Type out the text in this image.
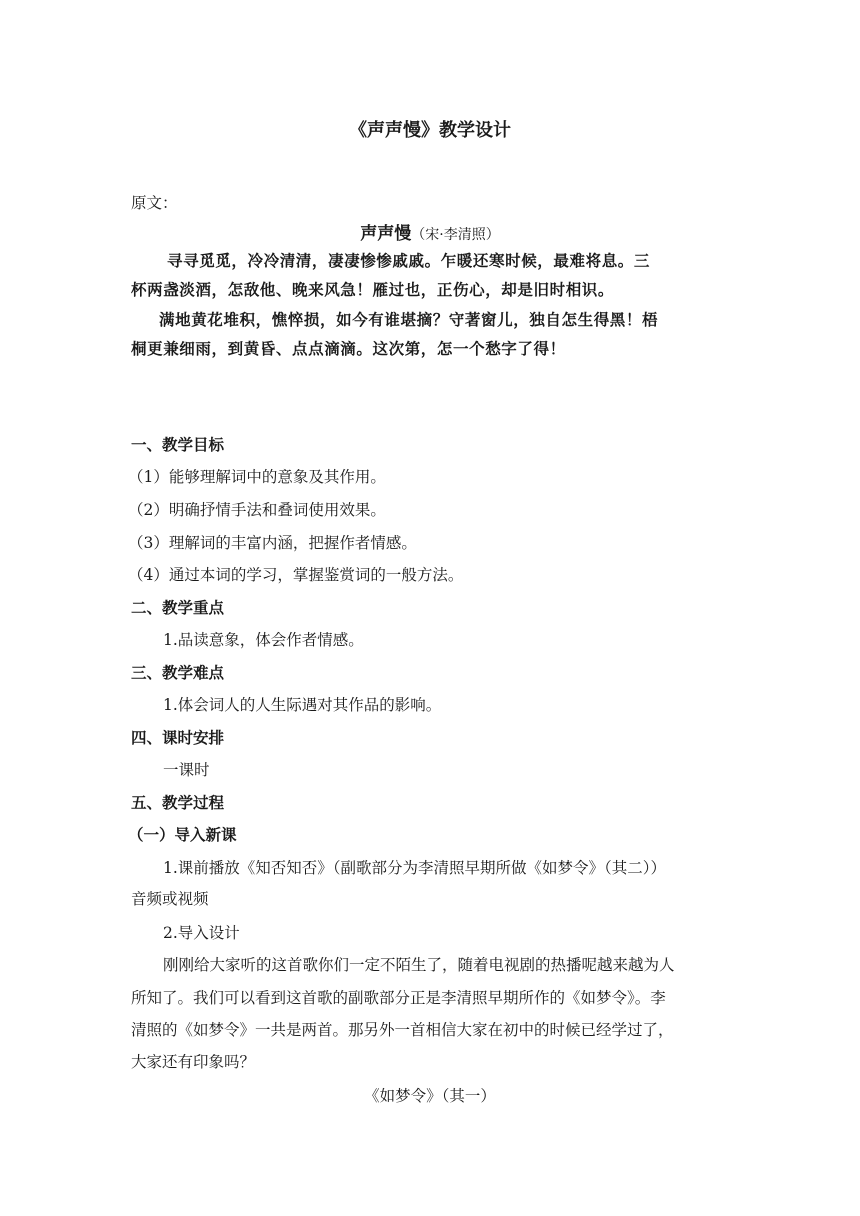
《声声慢》教学设计
原文：
声声慢（宋·李清照）
寻寻觅觅，冷冷清清，凄凄惨惨戚戚。乍暖还寒时候，最难将息。三
杯两盏淡酒，怎敌他、晚来风急！雁过也，正伤心，却是旧时相识。
满地黄花堆积，憔悴损，如今有谁堪摘？守著窗儿，独自怎生得黑！梧
桐更兼细雨，到黄昏、点点滴滴。这次第，怎一个愁字了得！
一、教学目标
（1）能够理解词中的意象及其作用。
（2）明确抒情手法和叠词使用效果。
（3）理解词的丰富内涵，把握作者情感。
（4）通过本词的学习，掌握鉴赏词的一般方法。
二、教学重点
1.品读意象，体会作者情感。
三、教学难点
1.体会词人的人生际遇对其作品的影响。
四、课时安排
一课时
五、教学过程
（一）导入新课
1.课前播放《知否知否》（副歌部分为李清照早期所做《如梦令》（其二））
音频或视频
2.导入设计
刚刚给大家听的这首歌你们一定不陌生了，随着电视剧的热播呢越来越为人
所知了。我们可以看到这首歌的副歌部分正是李清照早期所作的《如梦令》。李
清照的《如梦令》一共是两首。那另外一首相信大家在初中的时候已经学过了，
大家还有印象吗？
《如梦令》（其一）
